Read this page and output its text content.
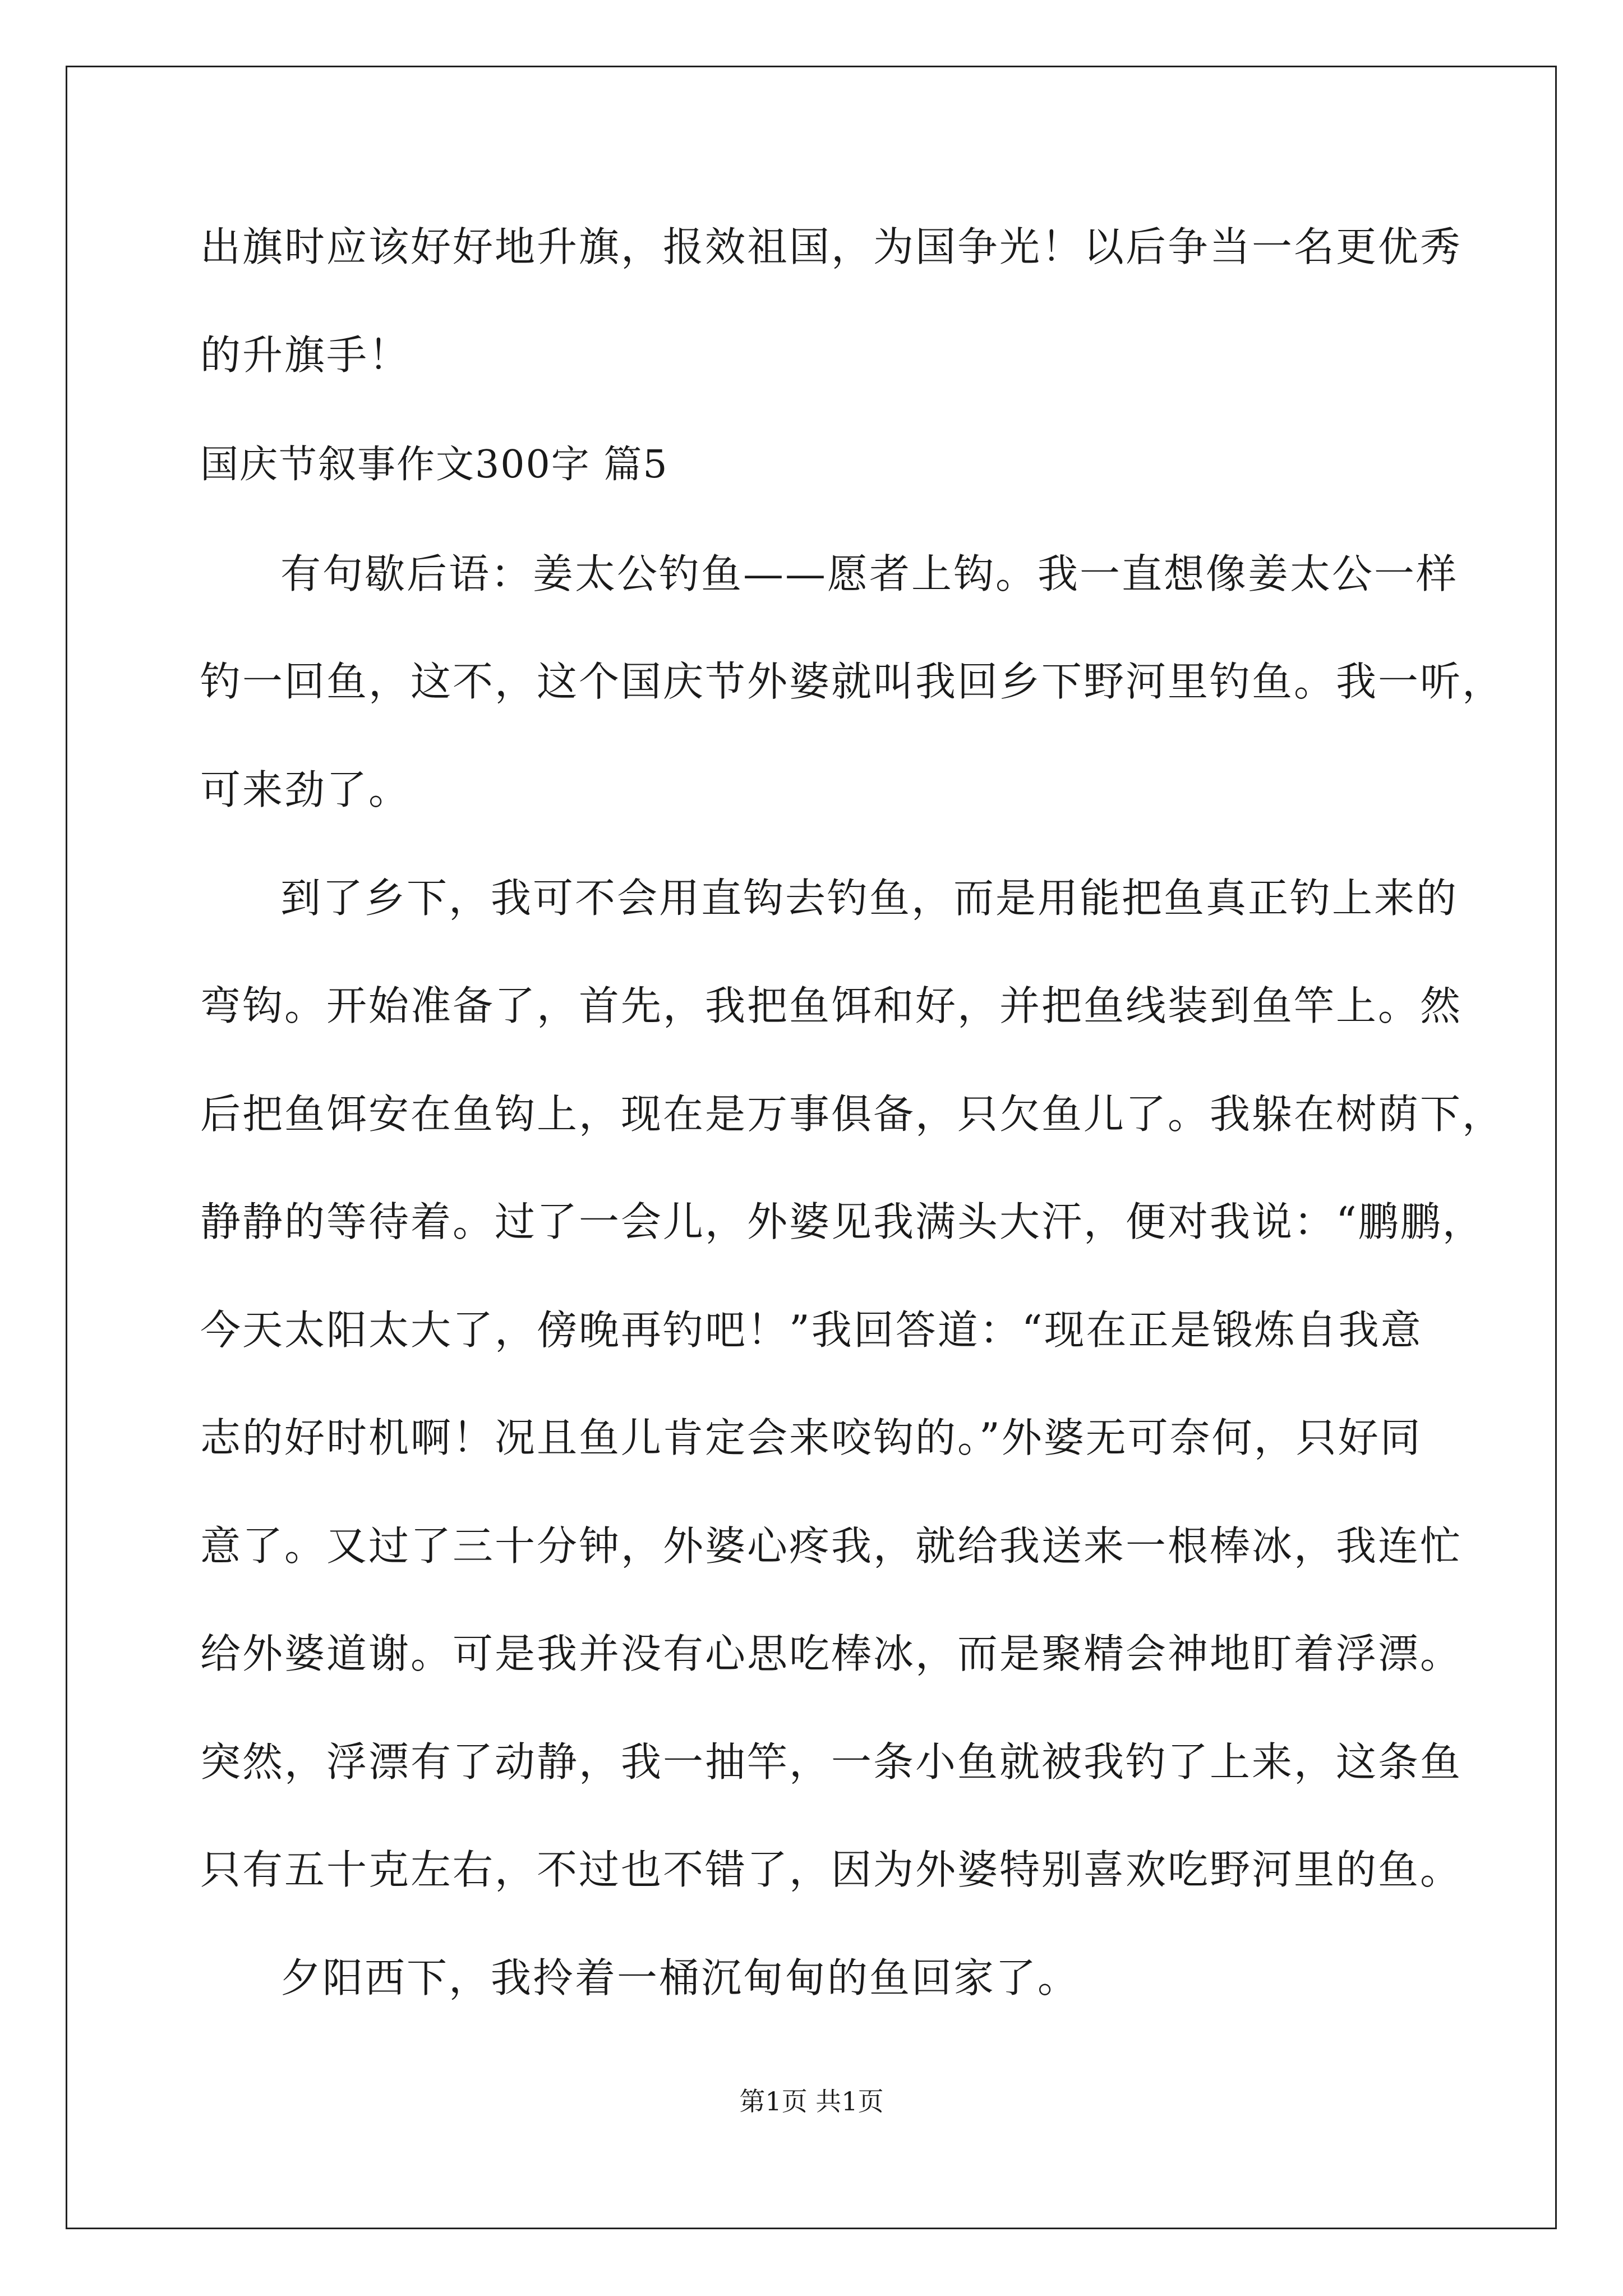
出旗时应该好好地升旗，报效祖国，为国争光！以后争当一名更优秀
的升旗手！
国庆节叙事作文300字 篇5
有句歇后语：姜太公钓鱼——愿者上钩。我一直想像姜太公一样
钓一回鱼，这不，这个国庆节外婆就叫我回乡下野河里钓鱼。我一听，
可来劲了。
到了乡下，我可不会用直钩去钓鱼，而是用能把鱼真正钓上来的
弯钩。开始准备了，首先，我把鱼饵和好，并把鱼线装到鱼竿上。然
后把鱼饵安在鱼钩上，现在是万事俱备，只欠鱼儿了。我躲在树荫下，
静静的等待着。过了一会儿，外婆见我满头大汗，便对我说：“鹏鹏，
今天太阳太大了，傍晚再钓吧！”我回答道：“现在正是锻炼自我意
志的好时机啊！况且鱼儿肯定会来咬钩的。”外婆无可奈何，只好同
意了。又过了三十分钟，外婆心疼我，就给我送来一根棒冰，我连忙
给外婆道谢。可是我并没有心思吃棒冰，而是聚精会神地盯着浮漂。
突然，浮漂有了动静，我一抽竿，一条小鱼就被我钓了上来，这条鱼
只有五十克左右，不过也不错了，因为外婆特别喜欢吃野河里的鱼。
夕阳西下，我拎着一桶沉甸甸的鱼回家了。
第1页 共1页
